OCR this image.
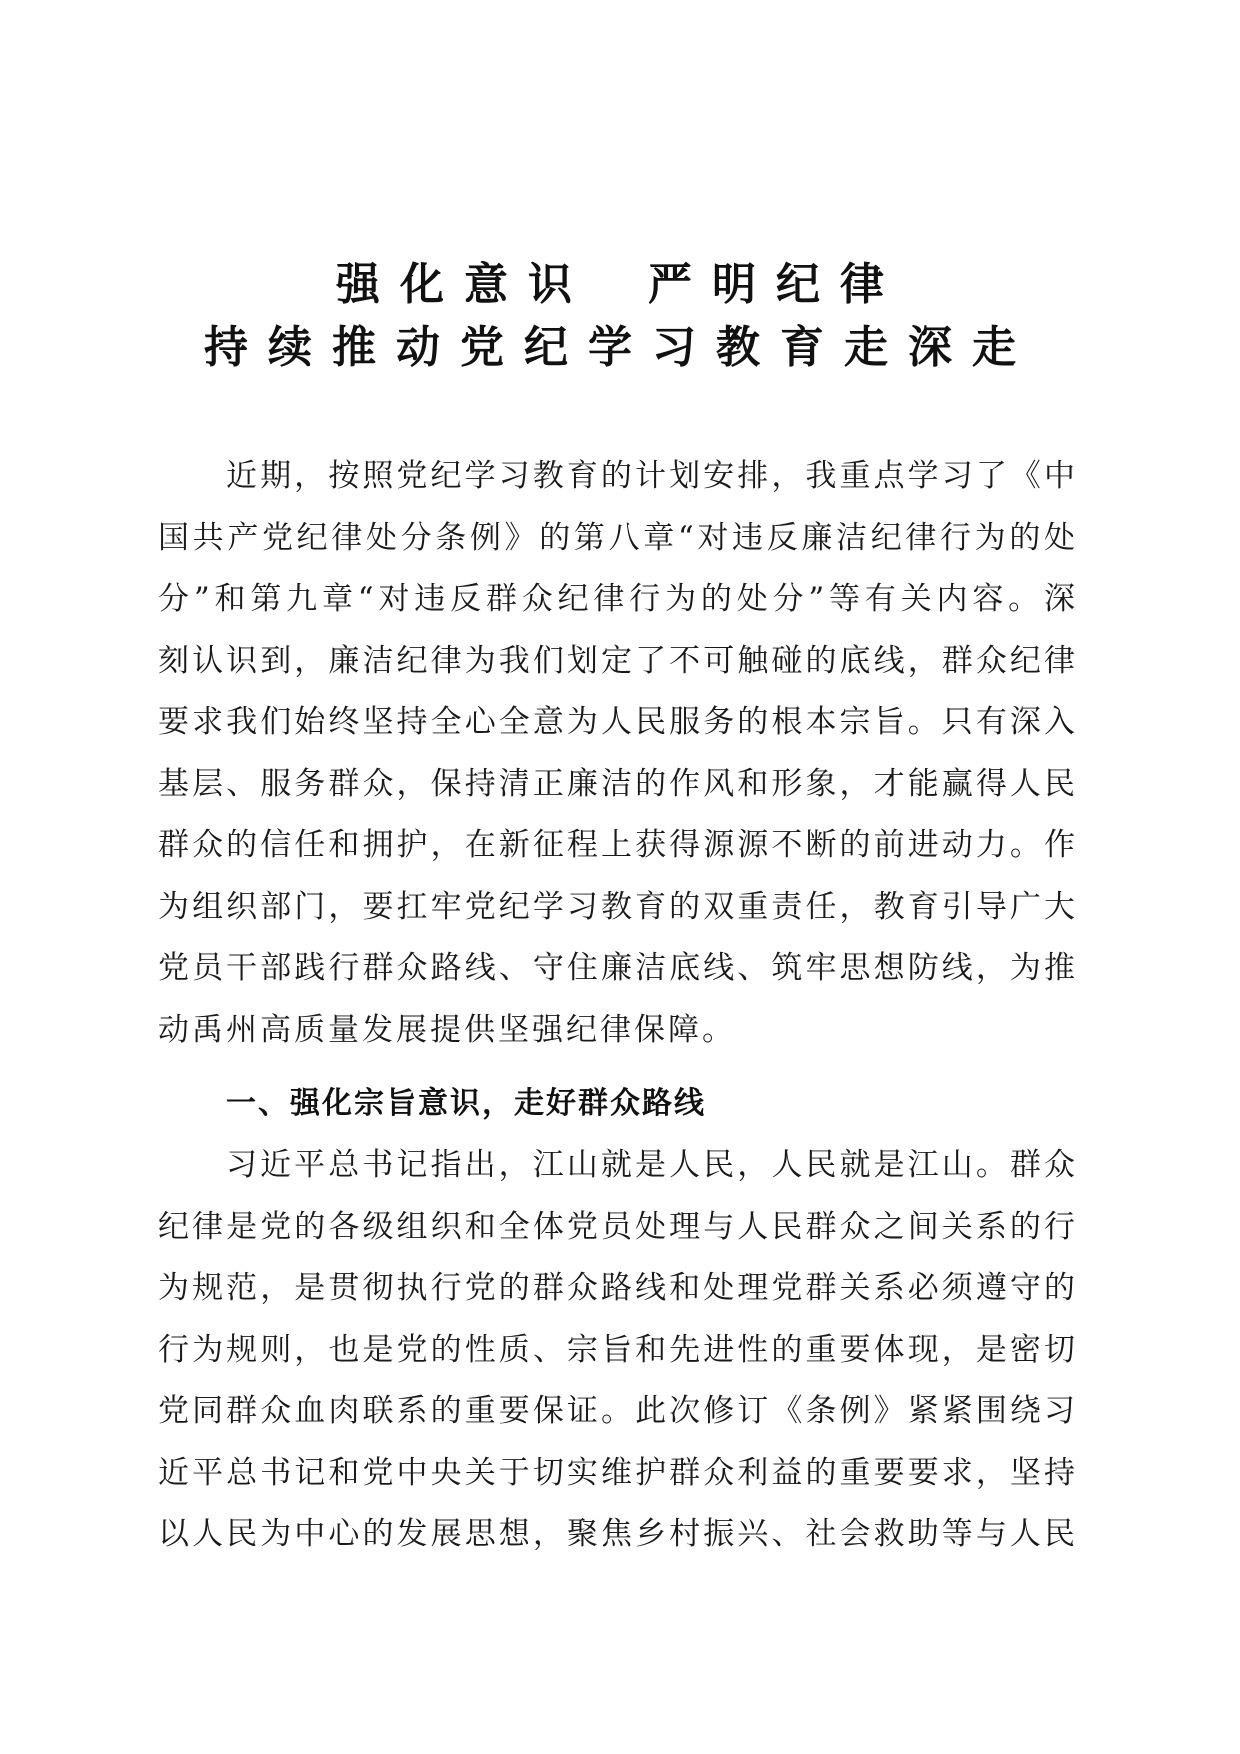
强化意识 严明纪律
持续推动党纪学习教育走深走
近期，按照党纪学习教育的计划安排，我重点学习了《中
国共产党纪律处分条例》的第八章“对违反廉洁纪律行为的处
分”和第九章“对违反群众纪律行为的处分”等有关内容。深
刻认识到，廉洁纪律为我们划定了不可触碰的底线，群众纪律
要求我们始终坚持全心全意为人民服务的根本宗旨。只有深入
基层、服务群众，保持清正廉洁的作风和形象，才能赢得人民
群众的信任和拥护，在新征程上获得源源不断的前进动力。作
为组织部门，要扛牢党纪学习教育的双重责任，教育引导广大
党员干部践行群众路线、守住廉洁底线、筑牢思想防线，为推
动禹州高质量发展提供坚强纪律保障。
一、强化宗旨意识，走好群众路线
习近平总书记指出，江山就是人民，人民就是江山。群众
纪律是党的各级组织和全体党员处理与人民群众之间关系的行
为规范，是贯彻执行党的群众路线和处理党群关系必须遵守的
行为规则，也是党的性质、宗旨和先进性的重要体现，是密切
党同群众血肉联系的重要保证。此次修订《条例》紧紧围绕习
近平总书记和党中央关于切实维护群众利益的重要要求，坚持
以人民为中心的发展思想，聚焦乡村振兴、社会救助等与人民
